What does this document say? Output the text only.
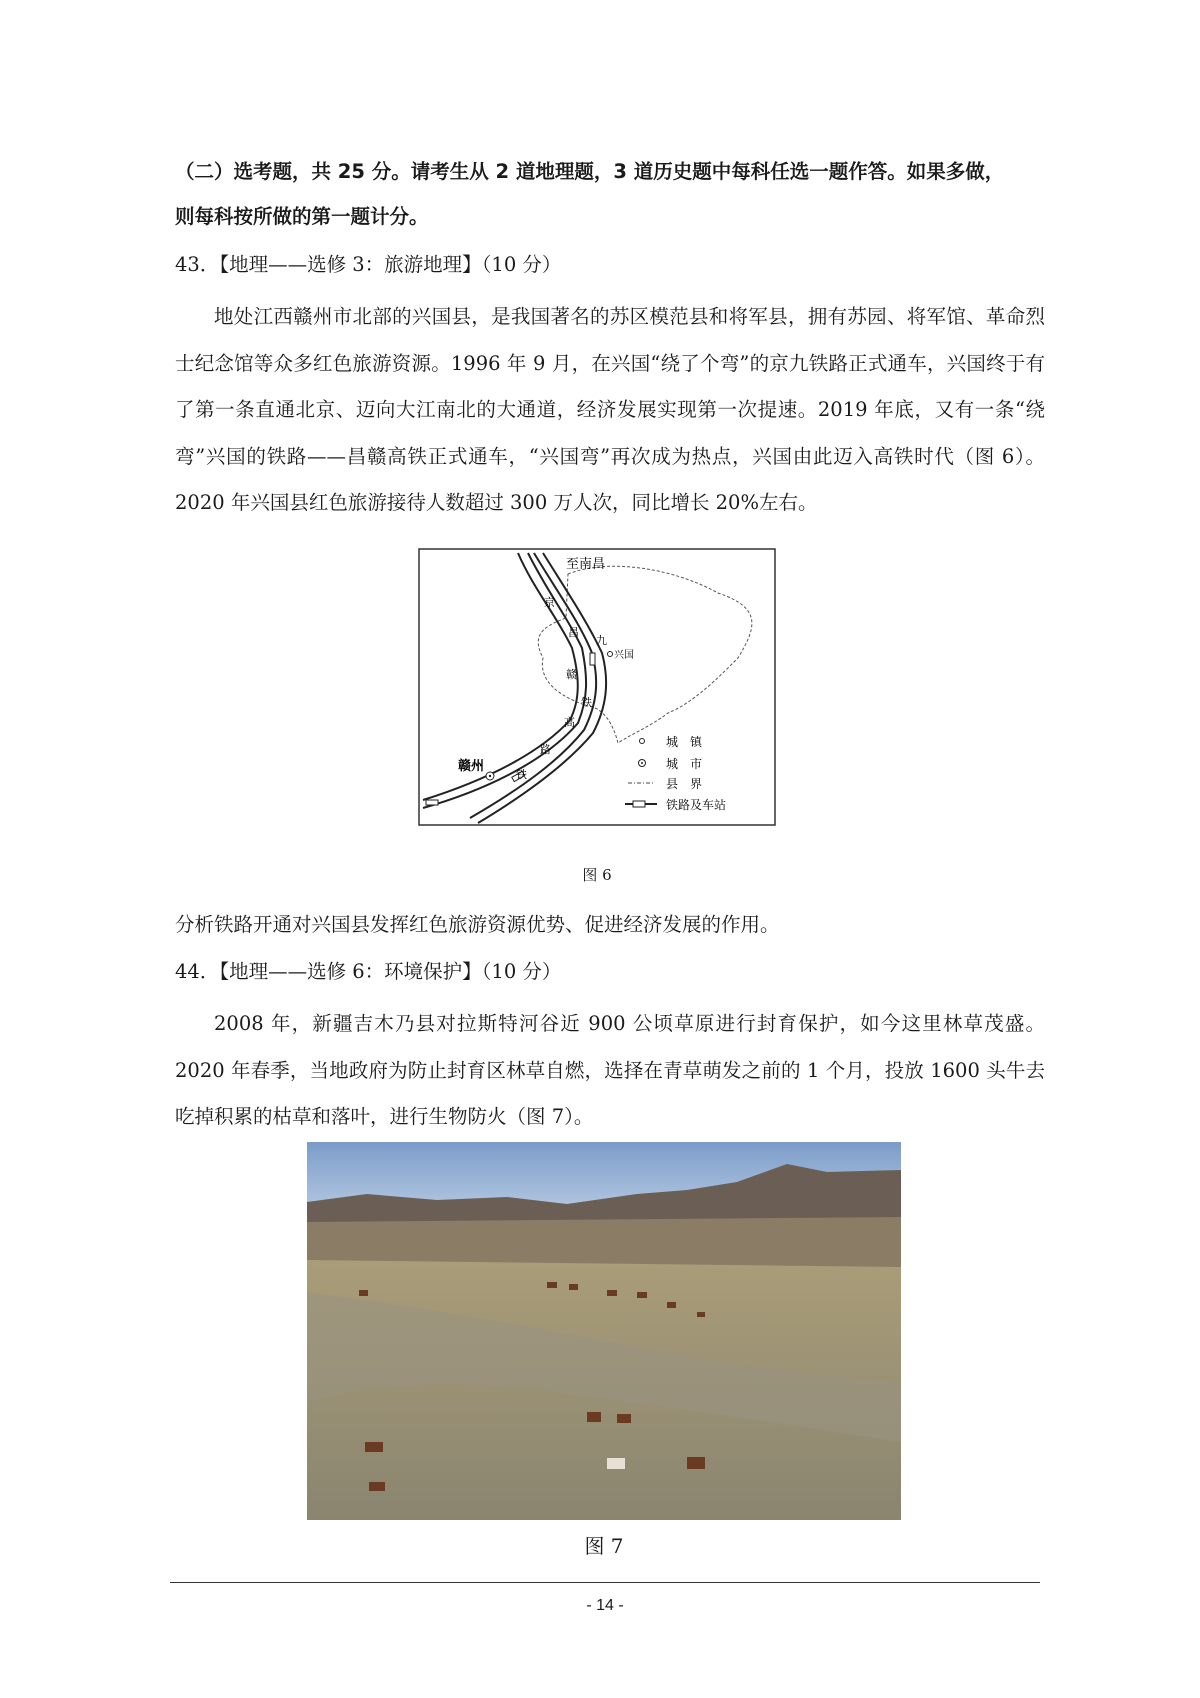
（二）选考题，共 25 分。请考生从 2 道地理题，3 道历史题中每科任选一题作答。如果多做，

则每科按所做的第一题计分。

43．【地理——选修 3：旅游地理】（10 分）

地处江西赣州市北部的兴国县，是我国著名的苏区模范县和将军县，拥有苏园、将军馆、革命烈士纪念馆等众多红色旅游资源。1996 年 9 月，在兴国“绕了个弯”的京九铁路正式通车，兴国终于有了第一条直通北京、迈向大江南北的大通道，经济发展实现第一次提速。2019 年底，又有一条“绕弯”兴国的铁路——昌赣高铁正式通车，“兴国弯”再次成为热点，兴国由此迈入高铁时代（图 6）。2020 年兴国县红色旅游接待人数超过 300 万人次，同比增长 20%左右。

至南昌
兴国
赣州
京
九
铁
路
昌
赣
高
铁
城　镇
城　市
县　界
铁路及车站
图 6

分析铁路开通对兴国县发挥红色旅游资源优势、促进经济发展的作用。

44．【地理——选修 6：环境保护】（10 分）

2008 年，新疆吉木乃县对拉斯特河谷近 900 公顷草原进行封育保护，如今这里林草茂盛。2020 年春季，当地政府为防止封育区林草自燃，选择在青草萌发之前的 1 个月，投放 1600 头牛去吃掉积累的枯草和落叶，进行生物防火（图 7）。

图 7
- 14 -
